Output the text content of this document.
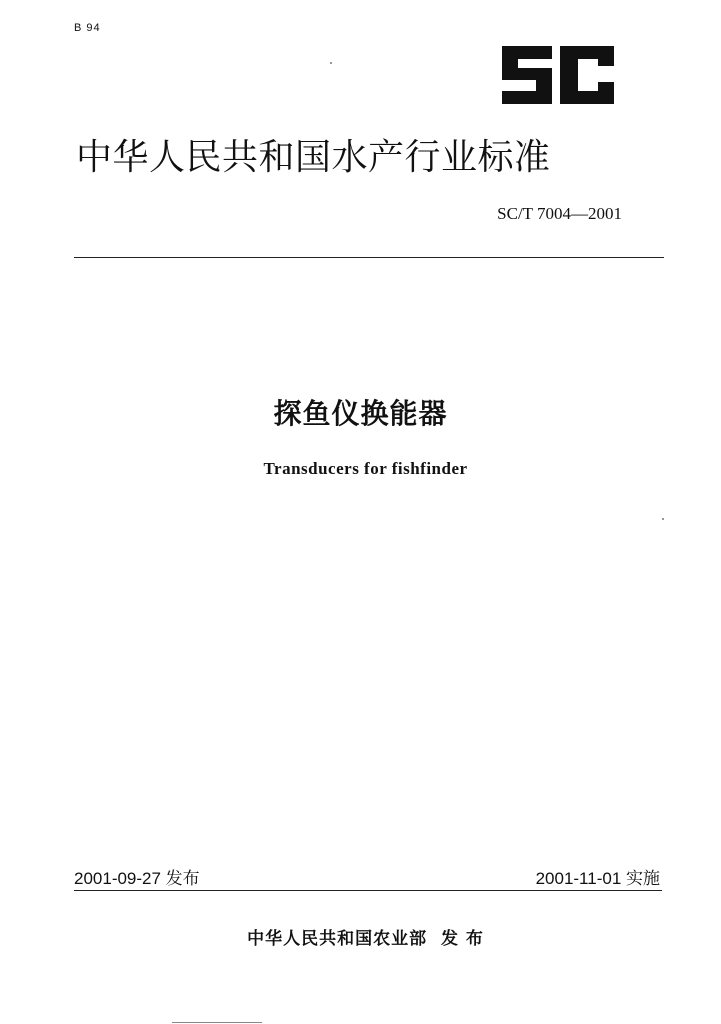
B 94
中华人民共和国水产行业标准
SC/T 7004—2001
探鱼仪换能器
Transducers for fishfinder
2001-09-27 发布	2001-11-01 实施
中华人民共和国农业部 发 布
